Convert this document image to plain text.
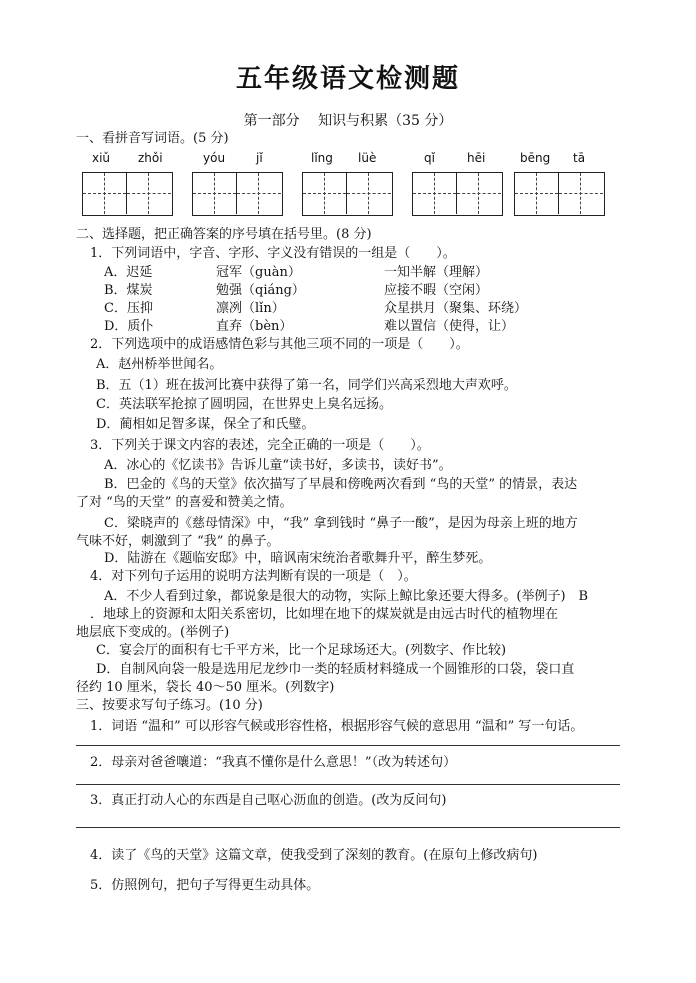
五年级语文检测题
第一部分　 知识与积累（35 分）
一、看拼音写词语。(5 分)
xiǔ zhǒi	yóu	jǐ	lǐng lüè	qǐ	hēi	bēng tā
二、选择题，把正确答案的序号填在括号里。(8 分)
1．下列词语中，字音、字形、字义没有错误的一组是（　　）。
A．迟延	冠军（guàn）	一知半解（理解）
B．煤炭	勉强（qiáng）	应接不暇（空闲）
C．压抑	凛冽（lǐn）	众星拱月（聚集、环绕）
D．质仆	直弃（bèn）	难以置信（使得，让）
2．下列选项中的成语感情色彩与其他三项不同的一项是（　　）。
A．赵州桥举世闻名。
B．五（1）班在拔河比赛中获得了第一名，同学们兴高采烈地大声欢呼。
C．英法联军抢掠了圆明园，在世界史上臭名远扬。
D．蔺相如足智多谋，保全了和氏璧。
3．下列关于课文内容的表述，完全正确的一项是（　　）。
A．冰心的《忆读书》告诉儿童“读书好，多读书，读好书”。
B．巴金的《鸟的天堂》依次描写了早晨和傍晚两次看到 “鸟的天堂” 的情景，表达
了对 “鸟的天堂” 的喜爱和赞美之情。
C．梁晓声的《慈母情深》中，“我” 拿到钱时 “鼻子一酸”，是因为母亲上班的地方
气味不好，刺激到了 “我” 的鼻子。
D．陆游在《题临安邸》中，暗讽南宋统治者歌舞升平，醉生梦死。
4．对下列句子运用的说明方法判断有误的一项是（　）。
A．不少人看到过象，都说象是很大的动物，实际上鲸比象还要大得多。(举例子)　B
．地球上的资源和太阳关系密切，比如埋在地下的煤炭就是由远古时代的植物埋在
地层底下变成的。(举例子)
C．宴会厅的面积有七千平方米，比一个足球场还大。(列数字、作比较)
D．自制风向袋一般是选用尼龙纱巾一类的轻质材料缝成一个圆锥形的口袋，袋口直
径约 10 厘米，袋长 40～50 厘米。(列数字)
三、按要求写句子练习。(10 分)
1．词语 “温和” 可以形容气候或形容性格，根据形容气候的意思用 “温和” 写一句话。
2．母亲对爸爸嚷道：“我真不懂你是什么意思！”（改为转述句）
3．真正打动人心的东西是自己呕心沥血的创造。(改为反问句)
4．读了《鸟的天堂》这篇文章，使我受到了深刻的教育。(在原句上修改病句)
5．仿照例句，把句子写得更生动具体。
